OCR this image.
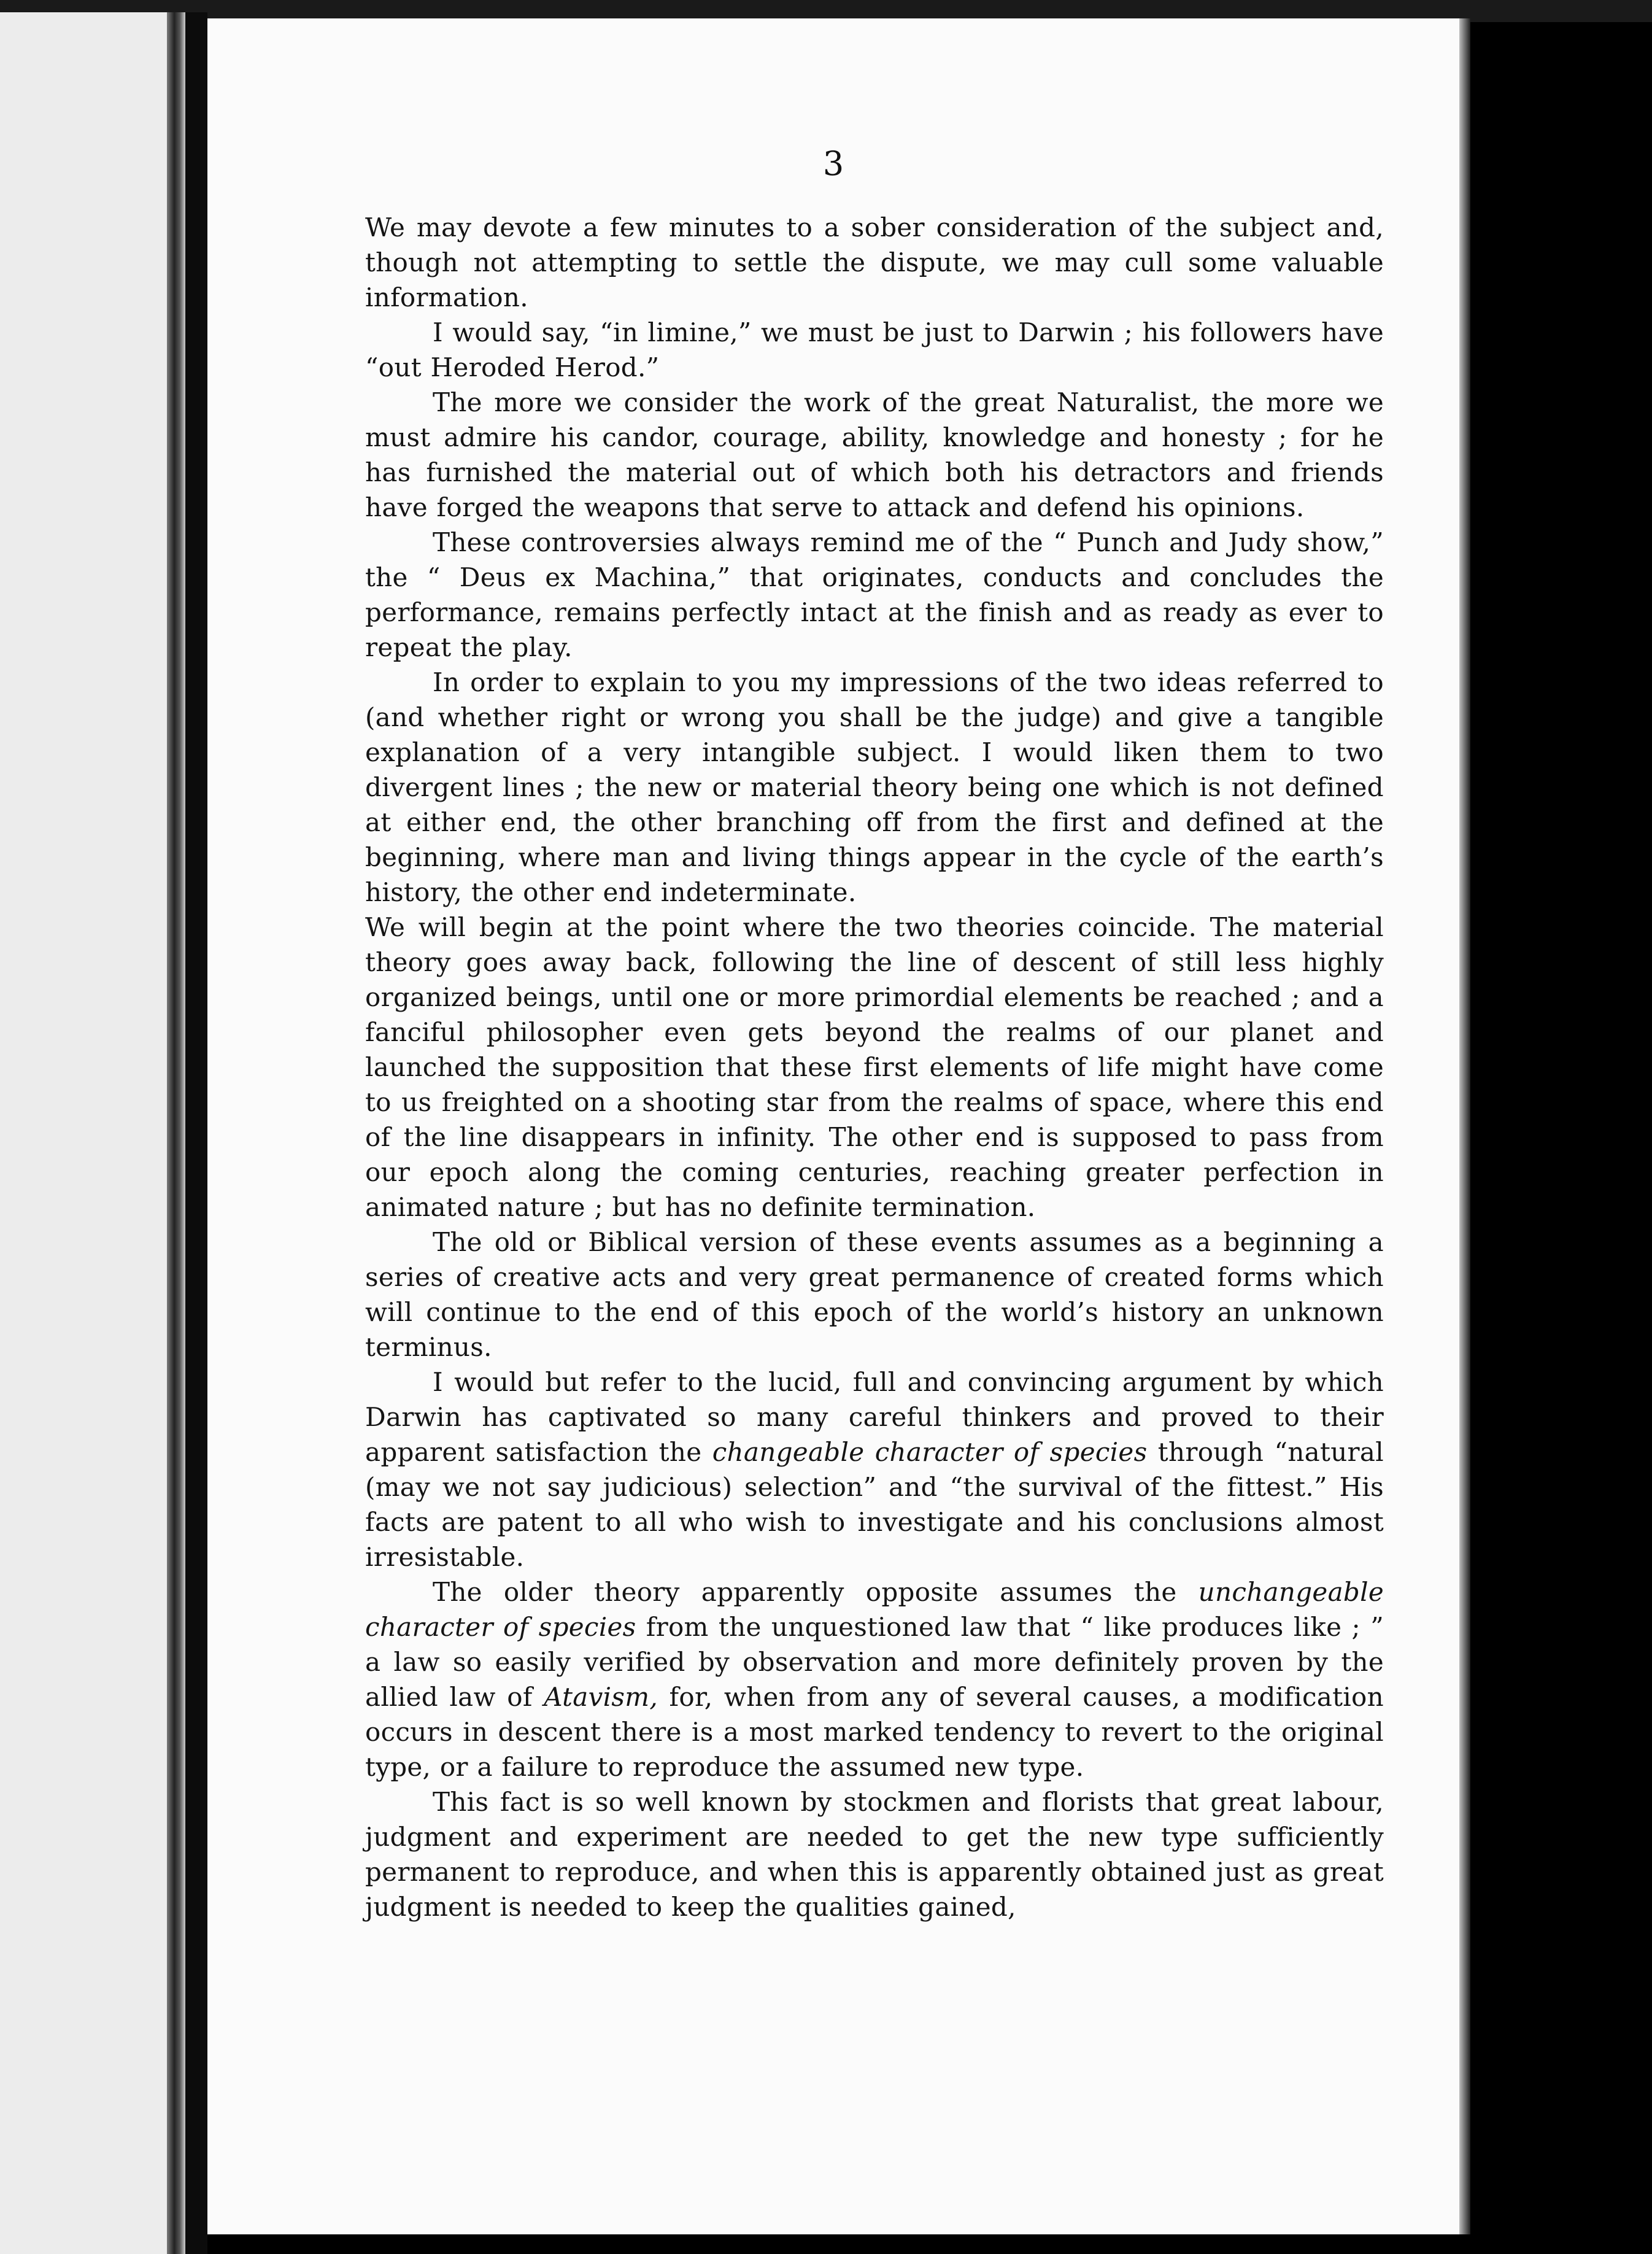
3

We may devote a few minutes to a sober consideration of the subject and, though not attempting to settle the dispute, we may cull some valuable information.

I would say, “in limine,” we must be just to Darwin ; his followers have “out Heroded Herod.”

The more we consider the work of the great Naturalist, the more we must admire his candor, courage, ability, knowledge and honesty ; for he has furnished the material out of which both his detractors and friends have forged the weapons that serve to attack and defend his opinions.

These controversies always remind me of the “ Punch and Judy show,” the “ Deus ex Machina,” that originates, conducts and concludes the performance, remains perfectly intact at the finish and as ready as ever to repeat the play.

In order to explain to you my impressions of the two ideas referred to (and whether right or wrong you shall be the judge) and give a tangible explanation of a very intangible subject. I would liken them to two divergent lines ; the new or material theory being one which is not defined at either end, the other branching off from the first and defined at the beginning, where man and living things appear in the cycle of the earth’s history, the other end indeterminate.

We will begin at the point where the two theories coincide. The material theory goes away back, following the line of descent of still less highly organized beings, until one or more primordial elements be reached ; and a fanciful philosopher even gets beyond the realms of our planet and launched the supposition that these first elements of life might have come to us freighted on a shooting star from the realms of space, where this end of the line disappears in infinity. The other end is supposed to pass from our epoch along the coming centuries, reaching greater perfection in animated nature ; but has no definite termination.

The old or Biblical version of these events assumes as a beginning a series of creative acts and very great permanence of created forms which will continue to the end of this epoch of the world’s history an unknown terminus.

I would but refer to the lucid, full and convincing argument by which Darwin has captivated so many careful thinkers and proved to their apparent satisfaction the changeable character of species through “natural (may we not say judicious) selection” and “the survival of the fittest.” His facts are patent to all who wish to investigate and his conclusions almost irresistable.

The older theory apparently opposite assumes the unchangeable character of species from the unquestioned law that “ like produces like ; ” a law so easily verified by observation and more definitely proven by the allied law of Atavism, for, when from any of several causes, a modification occurs in descent there is a most marked tendency to revert to the original type, or a failure to reproduce the assumed new type.

This fact is so well known by stockmen and florists that great labour, judgment and experiment are needed to get the new type sufficiently permanent to reproduce, and when this is apparently obtained just as great judgment is needed to keep the qualities gained,
